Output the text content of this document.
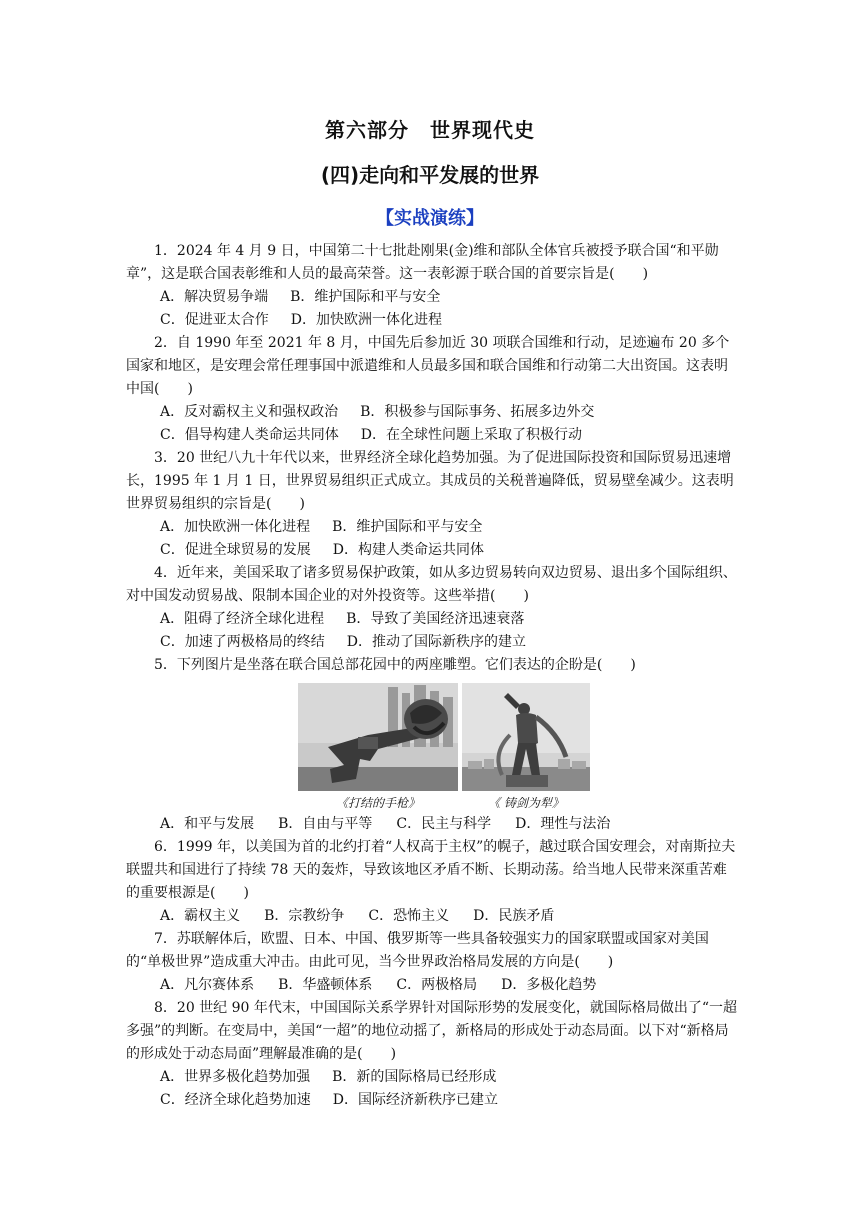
第六部分　世界现代史
(四)走向和平发展的世界
【实战演练】

1．2024 年 4 月 9 日，中国第二十七批赴刚果(金)维和部队全体官兵被授予联合国“和平勋章”，这是联合国表彰维和人员的最高荣誉。这一表彰源于联合国的首要宗旨是(　　)

A．解决贸易争端 B．维护国际和平与安全
C．促进亚太合作 D．加快欧洲一体化进程

2．自 1990 年至 2021 年 8 月，中国先后参加近 30 项联合国维和行动，足迹遍布 20 多个国家和地区，是安理会常任理事国中派遣维和人员最多国和联合国维和行动第二大出资国。这表明中国(　　)

A．反对霸权主义和强权政治 B．积极参与国际事务、拓展多边外交
C．倡导构建人类命运共同体 D．在全球性问题上采取了积极行动

3．20 世纪八九十年代以来，世界经济全球化趋势加强。为了促进国际投资和国际贸易迅速增长，1995 年 1 月 1 日，世界贸易组织正式成立。其成员的关税普遍降低，贸易壁垒减少。这表明世界贸易组织的宗旨是(　　)

A．加快欧洲一体化进程 B．维护国际和平与安全
C．促进全球贸易的发展 D．构建人类命运共同体

4．近年来，美国采取了诸多贸易保护政策，如从多边贸易转向双边贸易、退出多个国际组织、对中国发动贸易战、限制本国企业的对外投资等。这些举措(　　)

A．阻碍了经济全球化进程 B．导致了美国经济迅速衰落
C．加速了两极格局的终结 D．推动了国际新秩序的建立

5．下列图片是坐落在联合国总部花园中的两座雕塑。它们表达的企盼是(　　)

《打结的手枪》	《 铸剑为犁》
A．和平与发展 B．自由与平等 C．民主与科学 D．理性与法治

6．1999 年，以美国为首的北约打着“人权高于主权”的幌子，越过联合国安理会，对南斯拉夫联盟共和国进行了持续 78 天的轰炸，导致该地区矛盾不断、长期动荡。给当地人民带来深重苦难的重要根源是(　　)

A．霸权主义 B．宗教纷争 C．恐怖主义 D．民族矛盾

7．苏联解体后，欧盟、日本、中国、俄罗斯等一些具备较强实力的国家联盟或国家对美国的“单极世界”造成重大冲击。由此可见，当今世界政治格局发展的方向是(　　)

A．凡尔赛体系 B．华盛顿体系 C．两极格局 D．多极化趋势

8．20 世纪 90 年代末，中国国际关系学界针对国际形势的发展变化，就国际格局做出了“一超多强”的判断。在变局中，美国“一超”的地位动摇了，新格局的形成处于动态局面。以下对“新格局的形成处于动态局面”理解最准确的是(　　)

A．世界多极化趋势加强 B．新的国际格局已经形成
C．经济全球化趋势加速 D．国际经济新秩序已建立
